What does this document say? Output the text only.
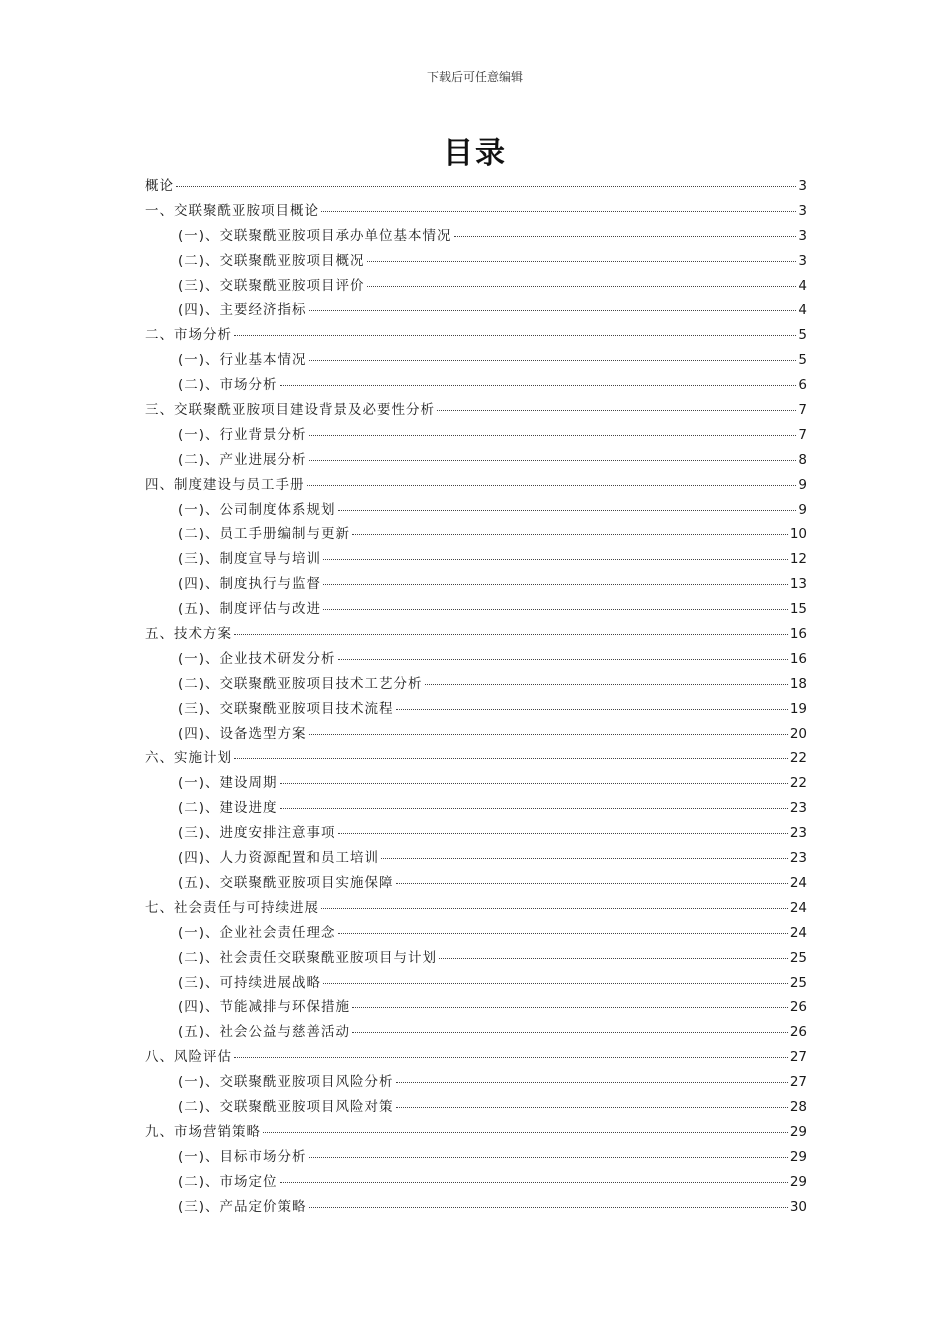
下载后可任意编辑
目录
概论	3
一、交联聚酰亚胺项目概论	3
(一)、交联聚酰亚胺项目承办单位基本情况	3
(二)、交联聚酰亚胺项目概况	3
(三)、交联聚酰亚胺项目评价	4
(四)、主要经济指标	4
二、市场分析	5
(一)、行业基本情况	5
(二)、市场分析	6
三、交联聚酰亚胺项目建设背景及必要性分析	7
(一)、行业背景分析	7
(二)、产业进展分析	8
四、制度建设与员工手册	9
(一)、公司制度体系规划	9
(二)、员工手册编制与更新	10
(三)、制度宣导与培训	12
(四)、制度执行与监督	13
(五)、制度评估与改进	15
五、技术方案	16
(一)、企业技术研发分析	16
(二)、交联聚酰亚胺项目技术工艺分析	18
(三)、交联聚酰亚胺项目技术流程	19
(四)、设备选型方案	20
六、实施计划	22
(一)、建设周期	22
(二)、建设进度	23
(三)、进度安排注意事项	23
(四)、人力资源配置和员工培训	23
(五)、交联聚酰亚胺项目实施保障	24
七、社会责任与可持续进展	24
(一)、企业社会责任理念	24
(二)、社会责任交联聚酰亚胺项目与计划	25
(三)、可持续进展战略	25
(四)、节能减排与环保措施	26
(五)、社会公益与慈善活动	26
八、风险评估	27
(一)、交联聚酰亚胺项目风险分析	27
(二)、交联聚酰亚胺项目风险对策	28
九、市场营销策略	29
(一)、目标市场分析	29
(二)、市场定位	29
(三)、产品定价策略	30
